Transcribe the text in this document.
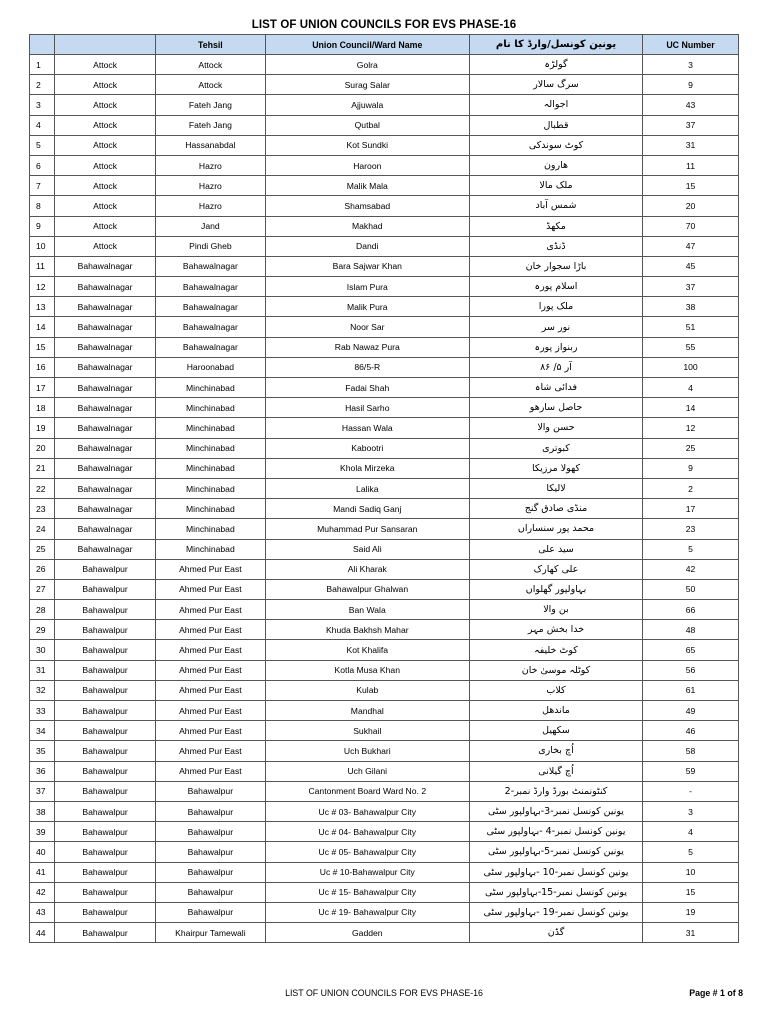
LIST OF UNION COUNCILS FOR EVS PHASE-16
		Tehsil	Union Council/Ward Name	یونین کونسل/وارڈ کا نام	UC Number
1	Attock	Attock	Golra	گولڑہ	3
2	Attock	Attock	Surag Salar	سرگ سالار	9
3	Attock	Fateh Jang	Ajjuwala	اجوالہ	43
4	Attock	Fateh Jang	Qutbal	قطبال	37
5	Attock	Hassanabdal	Kot Sundki	کوٹ سوندکی	31
6	Attock	Hazro	Haroon	هارون	11
7	Attock	Hazro	Malik Mala	ملک مالا	15
8	Attock	Hazro	Shamsabad	شمس آباد	20
9	Attock	Jand	Makhad	مکھڈ	70
10	Attock	Pindi Gheb	Dandi	ڈنڈی	47
11	Bahawalnagar	Bahawalnagar	Bara Sajwar Khan	باڑا سجوار خان	45
12	Bahawalnagar	Bahawalnagar	Islam Pura	اسلام پورہ	37
13	Bahawalnagar	Bahawalnagar	Malik Pura	ملک پورا	38
14	Bahawalnagar	Bahawalnagar	Noor Sar	نور سر	51
15	Bahawalnagar	Bahawalnagar	Rab Nawaz Pura	ربنواز پورہ	55
16	Bahawalnagar	Haroonabad	86/5-R	آر ۵/ ۸۶	100
17	Bahawalnagar	Minchinabad	Fadai Shah	فدائی شاہ	4
18	Bahawalnagar	Minchinabad	Hasil Sarho	حاصل سارھو	14
19	Bahawalnagar	Minchinabad	Hassan Wala	حسن والا	12
20	Bahawalnagar	Minchinabad	Kabootri	کبوتری	25
21	Bahawalnagar	Minchinabad	Khola Mirzeka	کھولا مرزیکا	9
22	Bahawalnagar	Minchinabad	Lalika	لالیکا	2
23	Bahawalnagar	Minchinabad	Mandi Sadiq Ganj	منڈی صادق گنج	17
24	Bahawalnagar	Minchinabad	Muhammad Pur Sansaran	محمد پور سنساراں	23
25	Bahawalnagar	Minchinabad	Said Ali	سید علی	5
26	Bahawalpur	Ahmed Pur East	Ali Kharak	علی کھارک	42
27	Bahawalpur	Ahmed Pur East	Bahawalpur Ghalwan	بہاولپور گھلواں	50
28	Bahawalpur	Ahmed Pur East	Ban Wala	بن والا	66
29	Bahawalpur	Ahmed Pur East	Khuda Bakhsh Mahar	خدا بخش مہر	48
30	Bahawalpur	Ahmed Pur East	Kot Khalifa	کوٹ خلیفہ	65
31	Bahawalpur	Ahmed Pur East	Kotla Musa Khan	کوٹلہ موسیٰ خان	56
32	Bahawalpur	Ahmed Pur East	Kulab	کلاب	61
33	Bahawalpur	Ahmed Pur East	Mandhal	ماندھل	49
34	Bahawalpur	Ahmed Pur East	Sukhail	سکھیل	46
35	Bahawalpur	Ahmed Pur East	Uch Bukhari	اُچ بخاری	58
36	Bahawalpur	Ahmed Pur East	Uch Gilani	اُچ گیلانی	59
37	Bahawalpur	Bahawalpur	Cantonment Board Ward No. 2	کنٹونمنٹ بورڈ وارڈ نمبر-2	-
38	Bahawalpur	Bahawalpur	Uc # 03- Bahawalpur City	یونین کونسل نمبر-3-بہاولپور سٹی	3
39	Bahawalpur	Bahawalpur	Uc # 04- Bahawalpur City	یونین کونسل نمبر-4 -بہاولپور سٹی	4
40	Bahawalpur	Bahawalpur	Uc # 05- Bahawalpur City	یونین کونسل نمبر-5-بہاولپور سٹی	5
41	Bahawalpur	Bahawalpur	Uc # 10-Bahawalpur City	یونین کونسل نمبر-10 -بہاولپور سٹی	10
42	Bahawalpur	Bahawalpur	Uc # 15- Bahawalpur City	یونین کونسل نمبر-15-بہاولپور سٹی	15
43	Bahawalpur	Bahawalpur	Uc # 19- Bahawalpur City	یونین کونسل نمبر-19 -بہاولپور سٹی	19
44	Bahawalpur	Khairpur Tamewali	Gadden	گڈن	31
LIST OF UNION COUNCILS FOR EVS PHASE-16	Page # 1 of 8
